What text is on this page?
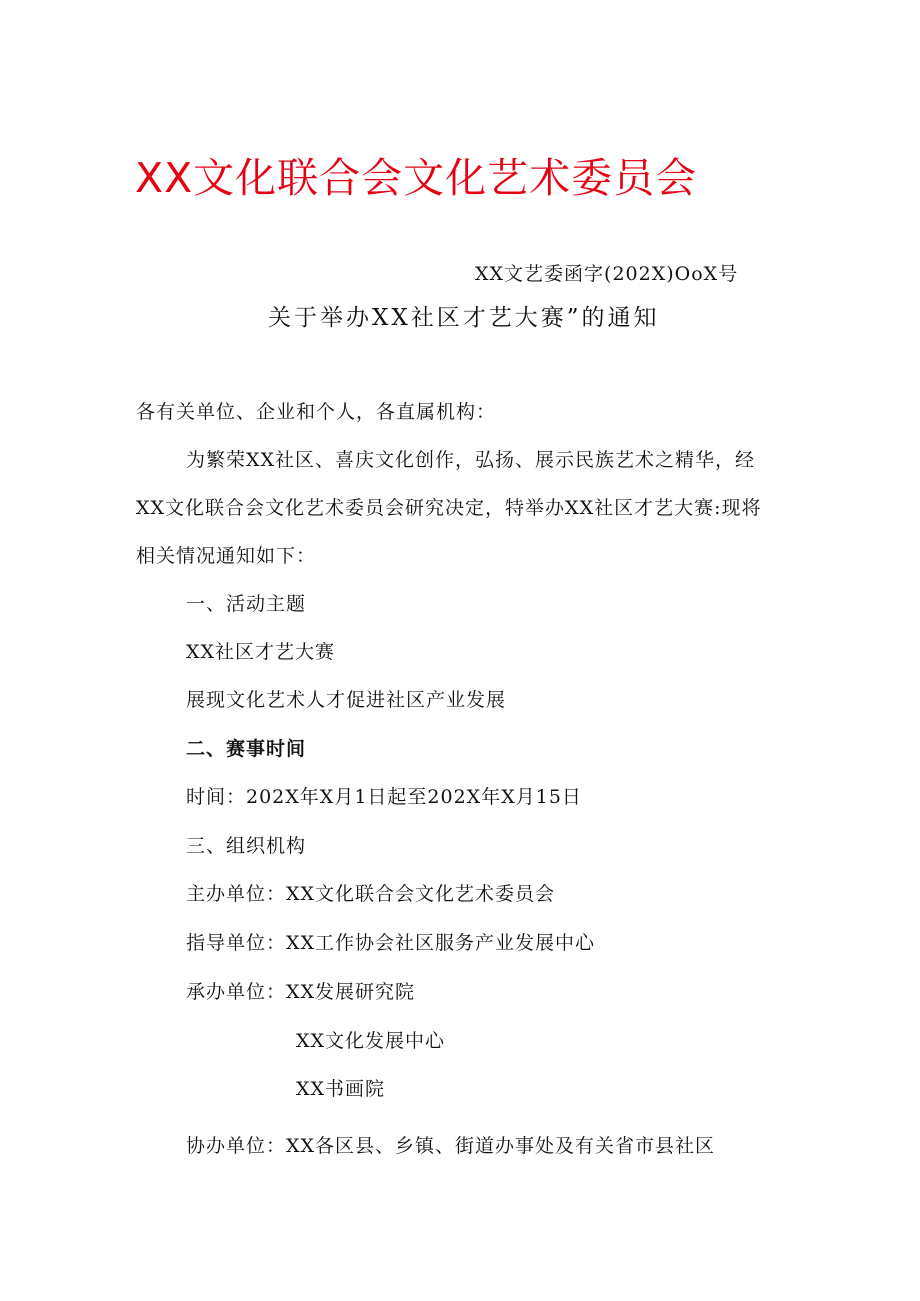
XX文化联合会文化艺术委员会
XX文艺委函字(202X)OoX号
关于举办XX社区才艺大赛”的通知
各有关单位、企业和个人，各直属机构：
为繁荣XX社区、喜庆文化创作，弘扬、展示民族艺术之精华，经
XX文化联合会文化艺术委员会研究决定，特举办XX社区才艺大赛:现将
相关情况通知如下：
一、活动主题
XX社区才艺大赛
展现文化艺术人才促进社区产业发展
二、赛事时间
时间：202X年X月1日起至202X年X月15日
三、组织机构
主办单位：XX文化联合会文化艺术委员会
指导单位：XX工作协会社区服务产业发展中心
承办单位：XX发展研究院
XX文化发展中心
XX书画院
协办单位：XX各区县、乡镇、街道办事处及有关省市县社区
